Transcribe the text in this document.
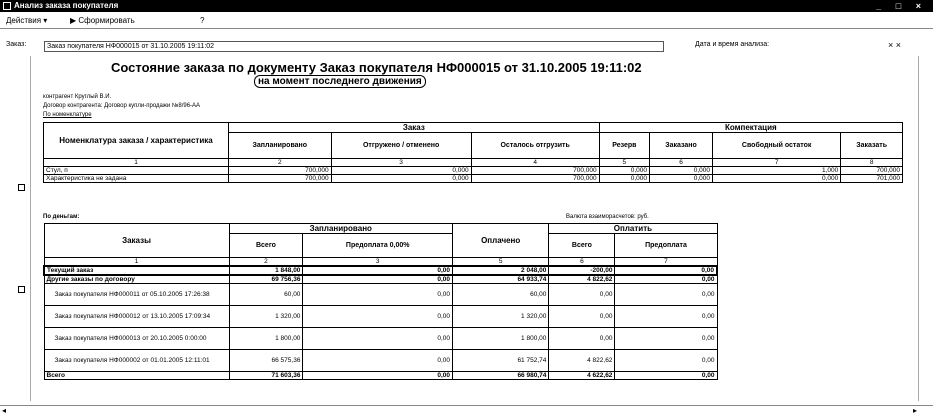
Анализ заказа покупателя	_ □ ×
Действия ▾	▶ Сформировать	?
Заказ:	Заказ покупателя НФ000015 от 31.10.2005 19:11:02	Дата и время анализа:	× ×
Состояние заказа по документу Заказ покупателя НФ000015 от 31.10.2005 19:11:02
на момент последнего движения
контрагент Круглый В.И.
Договор контрагента: Договор купли-продажи №8/96-АА
По номенклатуре
Номенклатура заказа / характеристика	Заказ			Компектация			
	Запланировано	Отгружено / отменено	Осталось отгрузить	Резерв	Заказано	Свободный остаток	Заказать
1	2	3	4	5	6	7	8
Стул, п	700,000	0,000	700,000	0,000	0,000	1,000	700,000
Характеристика не задана	700,000	0,000	700,000	0,000	0,000	0,000	701,000
По деньгам:	Валюта взаиморасчетов: руб.
Заказы	Запланировано		Оплачено	Оплатить	
	Всего	Предоплата 0,00%		Всего	Предоплата
1	2	3	5	6	7
Текущий заказ	1 848,00	0,00	2 048,00	-200,00	0,00
Другие заказы по договору	69 756,36	0,00	64 933,74	4 822,62	0,00
Заказ покупателя НФ000011 от 05.10.2005 17:26:38	60,00	0,00	60,00	0,00	0,00
Заказ покупателя НФ000012 от 13.10.2005 17:09:34	1 320,00	0,00	1 320,00	0,00	0,00
Заказ покупателя НФ000013 от 20.10.2005 0:00:00	1 800,00	0,00	1 800,00	0,00	0,00
Заказ покупателя НФ000002 от 01.01.2005 12:11:01	66 575,36	0,00	61 752,74	4 822,62	0,00
Всего	71 603,36	0,00	66 980,74	4 622,62	0,00
◂	▸
